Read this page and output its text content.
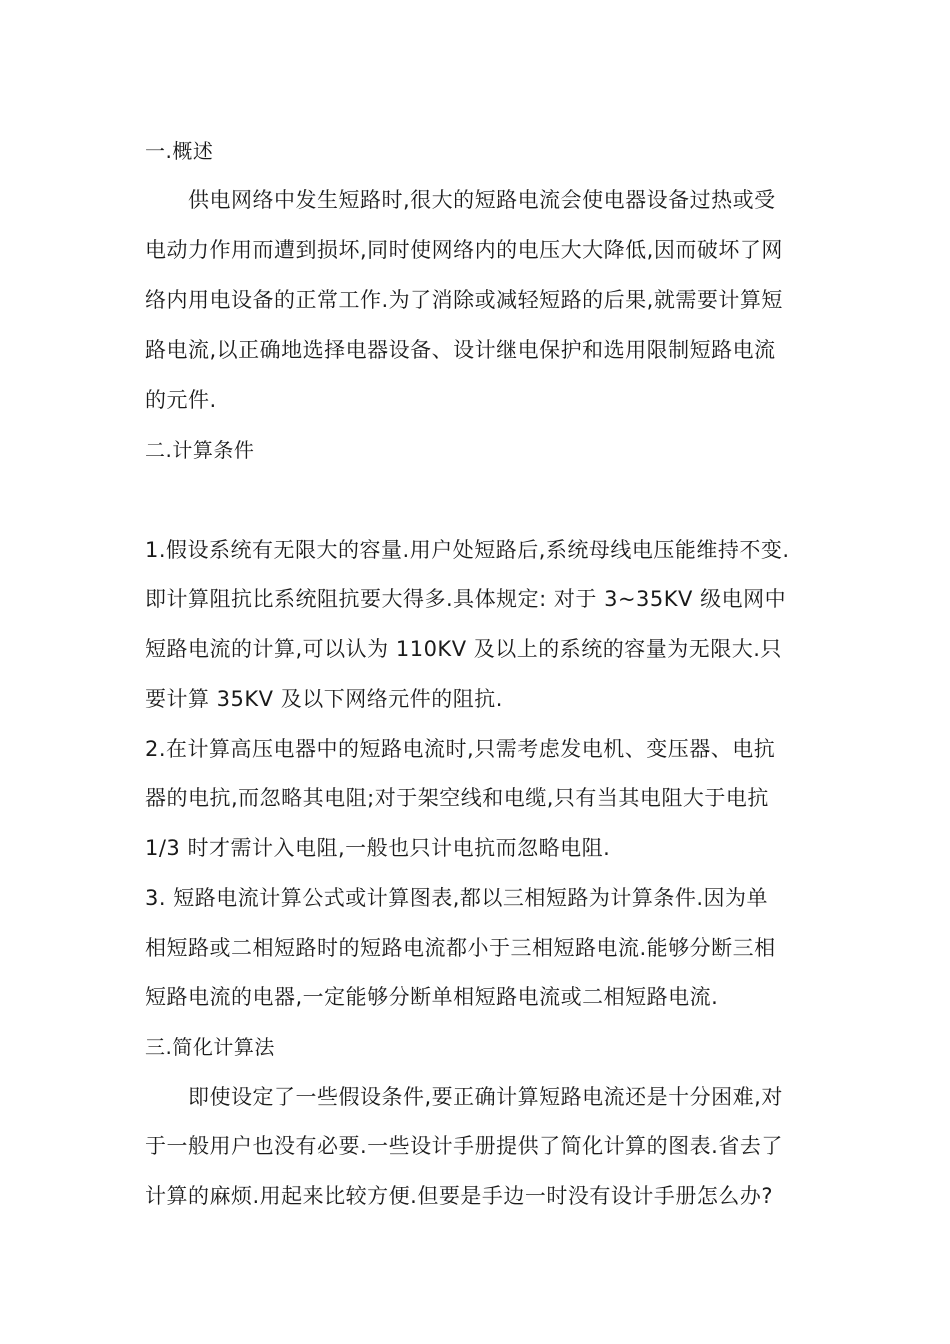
一.概述
　　供电网络中发生短路时,很大的短路电流会使电器设备过热或受
电动力作用而遭到损坏,同时使网络内的电压大大降低,因而破坏了网
络内用电设备的正常工作.为了消除或减轻短路的后果,就需要计算短
路电流,以正确地选择电器设备、设计继电保护和选用限制短路电流
的元件.
二.计算条件
1.假设系统有无限大的容量.用户处短路后,系统母线电压能维持不变.
即计算阻抗比系统阻抗要大得多.具体规定: 对于 3~35KV 级电网中
短路电流的计算,可以认为 110KV 及以上的系统的容量为无限大.只
要计算 35KV 及以下网络元件的阻抗.
2.在计算高压电器中的短路电流时,只需考虑发电机、变压器、电抗
器的电抗,而忽略其电阻;对于架空线和电缆,只有当其电阻大于电抗
1/3 时才需计入电阻,一般也只计电抗而忽略电阻.
3. 短路电流计算公式或计算图表,都以三相短路为计算条件.因为单
相短路或二相短路时的短路电流都小于三相短路电流.能够分断三相
短路电流的电器,一定能够分断单相短路电流或二相短路电流.
三.简化计算法
　　即使设定了一些假设条件,要正确计算短路电流还是十分困难,对
于一般用户也没有必要.一些设计手册提供了简化计算的图表.省去了
计算的麻烦.用起来比较方便.但要是手边一时没有设计手册怎么办?
